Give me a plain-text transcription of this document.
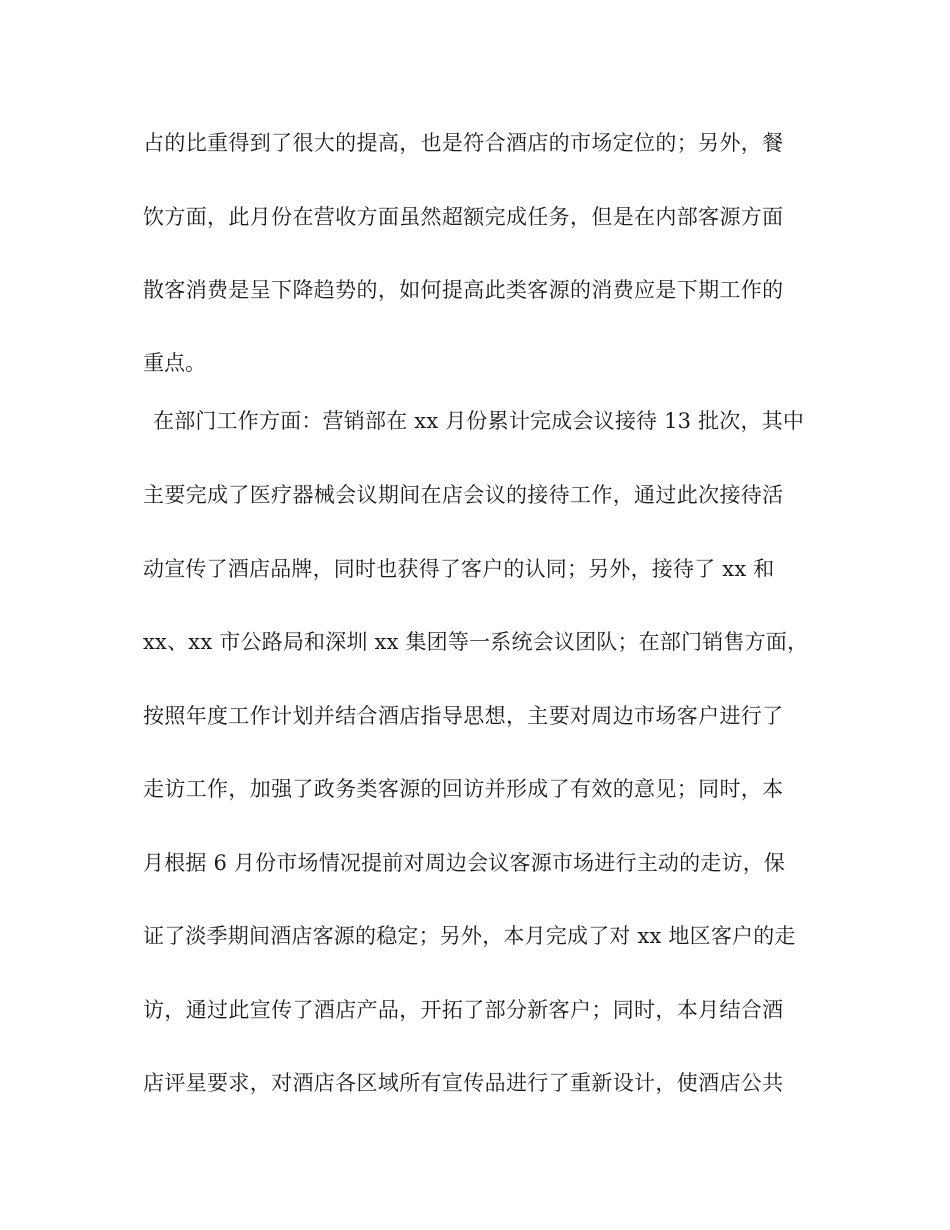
占的比重得到了很大的提高，也是符合酒店的市场定位的；另外，餐
饮方面，此月份在营收方面虽然超额完成任务，但是在内部客源方面
散客消费是呈下降趋势的，如何提高此类客源的消费应是下期工作的
重点。
在部门工作方面：营销部在 xx 月份累计完成会议接待 13 批次，其中
主要完成了医疗器械会议期间在店会议的接待工作，通过此次接待活
动宣传了酒店品牌，同时也获得了客户的认同；另外，接待了 xx 和
xx、xx 市公路局和深圳 xx 集团等一系统会议团队；在部门销售方面，
按照年度工作计划并结合酒店指导思想，主要对周边市场客户进行了
走访工作，加强了政务类客源的回访并形成了有效的意见；同时，本
月根据 6 月份市场情况提前对周边会议客源市场进行主动的走访，保
证了淡季期间酒店客源的稳定；另外，本月完成了对 xx 地区客户的走
访，通过此宣传了酒店产品，开拓了部分新客户；同时，本月结合酒
店评星要求，对酒店各区域所有宣传品进行了重新设计，使酒店公共
